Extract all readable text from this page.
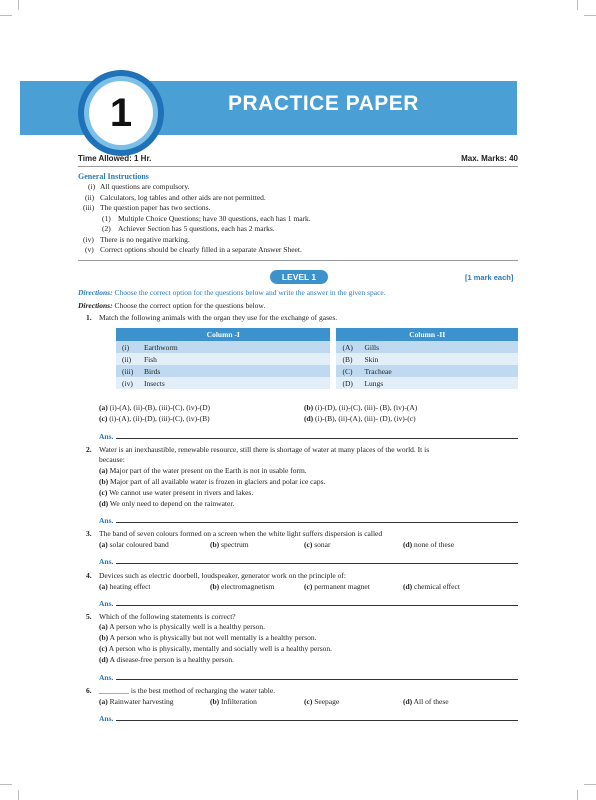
PRACTICE PAPER
1
Time Allowed: 1 Hr.	Max. Marks: 40
General Instructions
(i) All questions are compulsory.
(ii) Calculators, log tables and other aids are not permitted.
(iii) The question paper has two sections.
(1) Multiple Choice Questions; have 30 questions, each has 1 mark.
(2) Achiever Section has 5 questions, each has 2 marks.
(iv) There is no negative marking.
(v) Correct options should be clearly filled in a separate Answer Sheet.
LEVEL 1	[1 mark each]
Directions: Choose the correct option for the questions below and write the answer in the given space.
Directions: Choose the correct option for the questions below.
1. Match the following animals with the organ they use for the exchange of gases.
Column -I			Column -II	
(i)	Earthworm		(A)	Gills
(ii)	Fish		(B)	Skin
(iii)	Birds		(C)	Tracheae
(iv)	Insects		(D)	Lungs
(a) (i)-(A), (ii)-(B), (iii)-(C), (iv)-(D)	(b) (i)-(D), (ii)-(C), (iii)- (B), (iv)-(A)
(c) (i)-(A), (ii)-(D), (iii)-(C), (iv)-(B)	(d) (i)-(B), (ii)-(A), (iii)- (D), (iv)-(c)
Ans.
2. Water is an inexhaustible, renewable resource, still there is shortage of water at many places of the world. It is
because:
(a) Major part of the water present on the Earth is not in usable form.
(b) Major part of all available water is frozen in glaciers and polar ice caps.
(c) We cannot use water present in rivers and lakes.
(d) We only need to depend on the rainwater.
Ans.
3. The band of seven colours formed on a screen when the white light suffers dispersion is called
(a) solar coloured band	(b) spectrum	(c) sonar	(d) none of these
Ans.
4. Devices such as electric doorbell, loudspeaker, generator work on the principle of:
(a) heating effect	(b) electromagnetism	(c) permanent magnet	(d) chemical effect
Ans.
5. Which of the following statements is correct?
(a) A person who is physically well is a healthy person.
(b) A person who is physically but not well mentally is a healthy person.
(c) A person who is physically, mentally and socially well is a healthy person.
(d) A disease-free person is a healthy person.
Ans.
6. ________ is the best method of recharging the water table.
(a) Rainwater harvesting	(b) Infilteration	(c) Seepage	(d) All of these
Ans.
